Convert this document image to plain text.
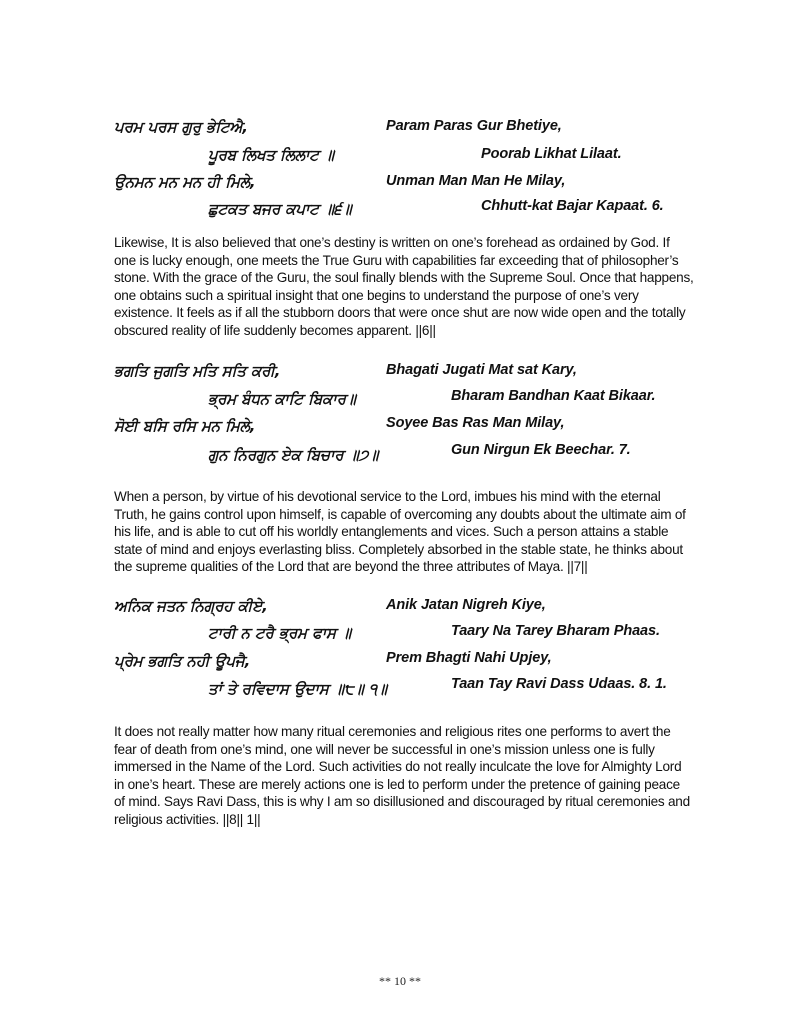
ਪਰਮ ਪਰਸ ਗੁਰੁ ਭੇਟਿਐ,	Param Paras Gur Bhetiye,
ਪੂਰਬ ਲਿਖਤ ਲਿਲਾਟ ॥	Poorab Likhat Lilaat.
ਉਨਮਨ ਮਨ ਮਨ ਹੀ ਮਿਲੇ,	Unman Man Man He Milay,
ਛੁਟਕਤ ਬਜਰ ਕਪਾਟ ॥੬॥	Chhutt-kat Bajar Kapaat. 6.

Likewise, It is also believed that one’s destiny is written on one’s forehead as ordained by God. If one is lucky enough, one meets the True Guru with capabilities far exceeding that of philosopher’s stone. With the grace of the Guru, the soul finally blends with the Supreme Soul. Once that happens, one obtains such a spiritual insight that one begins to understand the purpose of one’s very existence. It feels as if all the stubborn doors that were once shut are now wide open and the totally obscured reality of life suddenly becomes apparent. ||6||

ਭਗਤਿ ਜੁਗਤਿ ਮਤਿ ਸਤਿ ਕਰੀ,	Bhagati Jugati Mat sat Kary,
ਭ੍ਰਮ ਬੰਧਨ ਕਾਟਿ ਬਿਕਾਰ॥	Bharam Bandhan Kaat Bikaar.
ਸੋਈ ਬਸਿ ਰਸਿ ਮਨ ਮਿਲੇ,	Soyee Bas Ras Man Milay,
ਗੁਨ ਨਿਰਗੁਨ ਏਕ ਬਿਚਾਰ ॥੭॥	Gun Nirgun Ek Beechar. 7.

When a person, by virtue of his devotional service to the Lord, imbues his mind with the eternal Truth, he gains control upon himself, is capable of overcoming any doubts about the ultimate aim of his life, and is able to cut off his worldly entanglements and vices. Such a person attains a stable state of mind and enjoys everlasting bliss. Completely absorbed in the stable state, he thinks about the supreme qualities of the Lord that are beyond the three attributes of Maya. ||7||

ਅਨਿਕ ਜਤਨ ਨਿਗ੍ਰਹ ਕੀਏ,	Anik Jatan Nigreh Kiye,
ਟਾਰੀ ਨ ਟਰੈ ਭ੍ਰਮ ਫਾਸ ॥	Taary Na Tarey Bharam Phaas.
ਪ੍ਰੇਮ ਭਗਤਿ ਨਹੀ ਊਪਜੈ,	Prem Bhagti Nahi Upjey,
ਤਾਂ ਤੇ ਰਵਿਦਾਸ ਉਦਾਸ ॥੮॥ ੧॥	Taan Tay Ravi Dass Udaas. 8. 1.

It does not really matter how many ritual ceremonies and religious rites one performs to avert the fear of death from one’s mind, one will never be successful in one’s mission unless one is fully immersed in the Name of the Lord. Such activities do not really inculcate the love for Almighty Lord in one’s heart. These are merely actions one is led to perform under the pretence of gaining peace of mind. Says Ravi Dass, this is why I am so disillusioned and discouraged by ritual ceremonies and religious activities. ||8|| 1||

** 10 **
